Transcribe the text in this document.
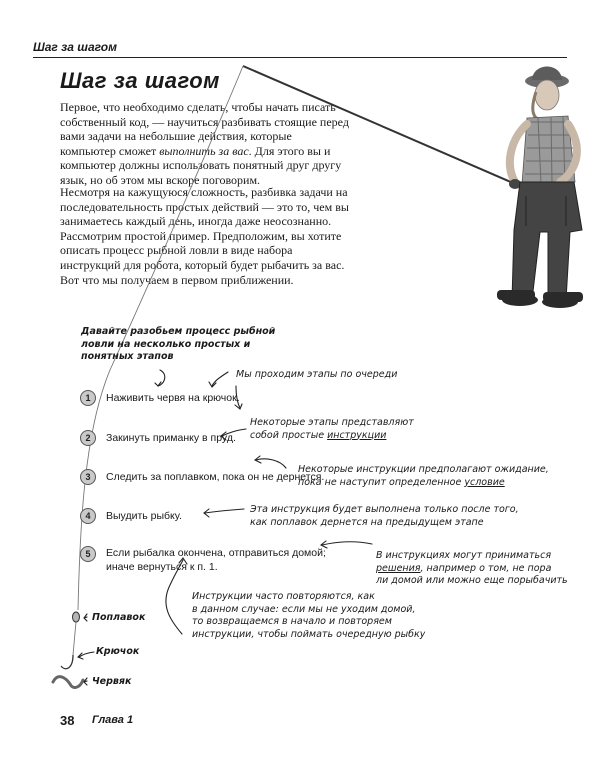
Шаг за шагом
Шаг за шагом

Первое, что необходимо сделать, чтобы начать писать собственный код, — научиться разбивать стоящие перед вами задачи на небольшие действия, которые компьютер сможет выполнить за вас. Для этого вы и компьютер должны использовать понятный друг другу язык, но об этом мы вскоре поговорим.

Несмотря на кажущуюся сложность, разбивка задачи на последовательность простых действий — это то, чем вы занимаетесь каждый день, иногда даже неосознанно. Рассмотрим простой пример. Предположим, вы хотите описать процесс рыбной ловли в виде набора инструкций для робота, который будет рыбачить за вас. Вот что мы получаем в первом приближении.

Давайте разобьем процесс рыбной
ловли на несколько простых и
понятных этапов
1	Наживить червя на крючок.
2	Закинуть приманку в пруд.
3	Следить за поплавком, пока он не дернется.
4	Выудить рыбку.
5	Если рыбалка окончена, отправиться домой;
иначе вернуться к п. 1.
Мы проходим этапы по очереди
Некоторые этапы представляют
собой простые инструкции
Некоторые инструкции предполагают ожидание,
пока не наступит определенное условие
Эта инструкция будет выполнена только после того,
как поплавок дернется на предыдущем этапе
В инструкциях могут приниматься
решения, например о том, не пора
ли домой или можно еще порыбачить
Инструкции часто повторяются, как
в данном случае: если мы не уходим домой,
то возвращаемся в начало и повторяем
инструкции, чтобы поймать очередную рыбку
Поплавок
Крючок
Червяк
38 Глава 1
